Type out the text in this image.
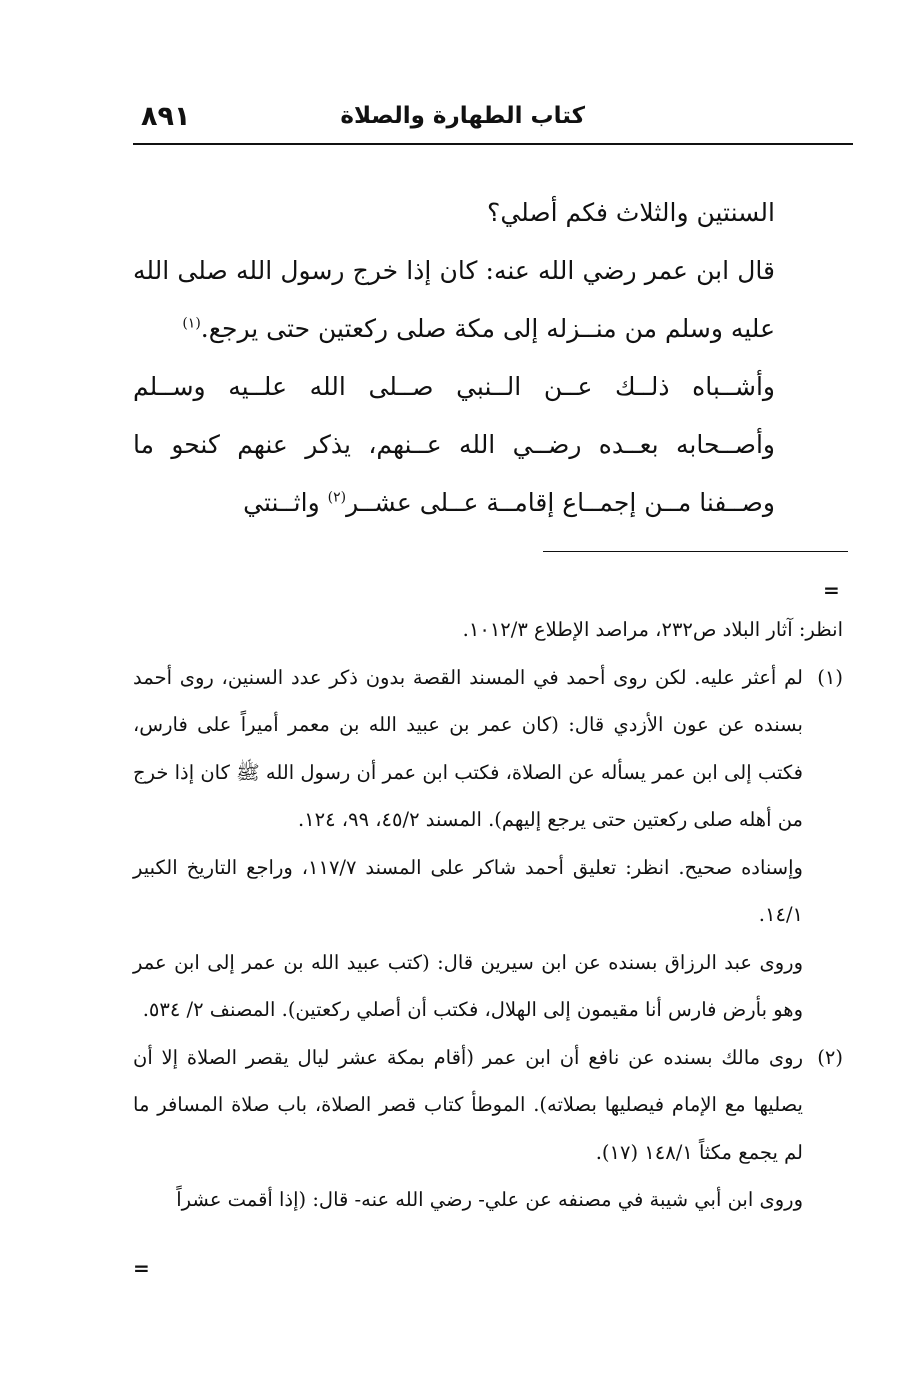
٨٩١	كتاب الطهارة والصلاة

السنتين والثلاث فكم أصلي؟

قال ابن عمر رضي الله عنه: كان إذا خرج رسول الله صلى الله عليه وسلم من منــزله إلى مكة صلى ركعتين حتى يرجع.$^{(١)}$

وأشــباه ذلــك عــن الــنبي صــلى الله علــيه وســلم وأصــحابه بعــده رضــي الله عــنهم، يذكر عنهم كنحو ما وصــفنا مــن إجمــاع إقامــة عــلى عشــر$^{(٢)}$ واثــنتي

=

انظر: آثار البلاد ص٢٣٢، مراصد الإطلاع ١٠١٢/٣.

(١)
لم أعثر عليه. لكن روى أحمد في المسند القصة بدون ذكر عدد السنين، روى أحمد بسنده عن عون الأزدي قال: (كان عمر بن عبيد الله بن معمر أميراً على فارس، فكتب إلى ابن عمر يسأله عن الصلاة، فكتب ابن عمر أن رسول الله ﷺ كان إذا خرج من أهله صلى ركعتين حتى يرجع إليهم). المسند ٤٥/٢، ٩٩، ١٢٤.

وإسناده صحيح. انظر: تعليق أحمد شاكر على المسند ١١٧/٧، وراجع التاريخ الكبير ١٤/١.

وروى عبد الرزاق بسنده عن ابن سيرين قال: (كتب عبيد الله بن عمر إلى ابن عمر وهو بأرض فارس أنا مقيمون إلى الهلال، فكتب أن أصلي ركعتين). المصنف ٢/ ٥٣٤.

(٢)
روى مالك بسنده عن نافع أن ابن عمر (أقام بمكة عشر ليال يقصر الصلاة إلا أن يصليها مع الإمام فيصليها بصلاته). الموطأ كتاب قصر الصلاة، باب صلاة المسافر ما لم يجمع مكثاً ١٤٨/١ (١٧).

وروى ابن أبي شيبة في مصنفه عن علي- رضي الله عنه- قال: (إذا أقمت عشراً

=
